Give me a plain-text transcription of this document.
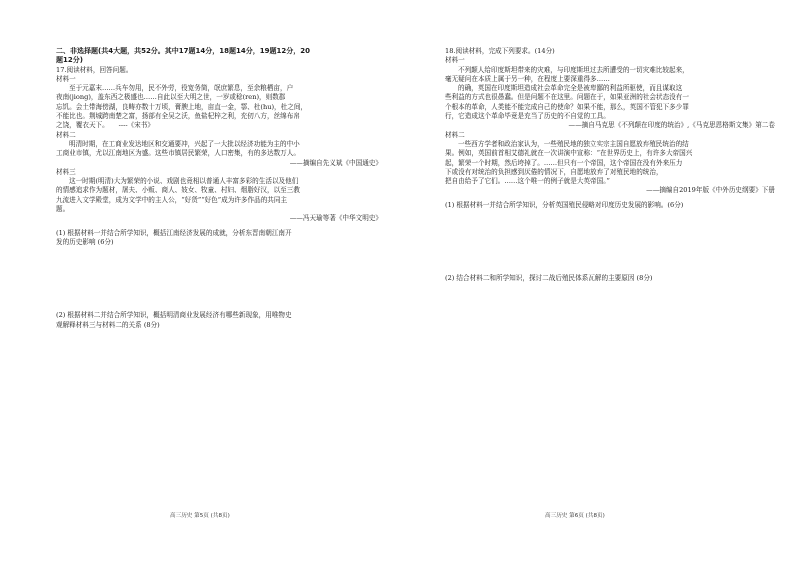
二、非选择题(共4大题，共52分。其中17题14分，18题14分，19题12分，20
题12分)
17.阅读材料，回答问题。
材料一
至于元嘉末……兵车勿用，民不外劳，役宽务简，氓庶繁息，至余粮栖亩，户
夜南(jiong)，盖东西之极盛也……自此以至大明之世，一岁或稔(ren)，则数郡
忘饥。会土带海傍湖，良畴亦数十万顷，膏腴上地，亩直一金，鄠、杜(hu)，杜之间，
不能比也。荆城跨南楚之富，扬部有全吴之沃，鱼盐杞梓之利，充仞八方，丝绵布帛
之饶，覆衣天下。　　----《宋书》
材料二
明清时期，在工商业发达地区和交通要冲，兴起了一大批以经济功能为主的中小
工商业市镇，尤以江南地区为盛。这些市镇居民繁荣，人口密集，有的多达数万人。
——摘编自先义斌《中国通史》
材料三
这一时期(明清)大为繁荣的小说、戏剧也竟相以普通人丰富多彩的生活以及他们
的情感追求作为题材，屠夫、小贩、商人、妓女、牧童、村妇、烟脂好汉，以至三教
九流进入文学殿堂，成为文学中的主人公，“好货”“好色”成为许多作品的共同主
题。
——冯天瑜等著《中华文明史》
(1) 根据材料一并结合所学知识，概括江南经济发展的成就，分析东晋南朝江南开
发的历史影响 (6分)
(2) 根据材料二并结合所学知识，概括明清商业发展经济有哪些新现象，用唯物史
观解释材料三与材料二的关系 (8分)
高三历史 第5页 (共8页)
18.阅读材料，完成下列要求。(14分)
材料一
不列颠人给印度斯坦带来的灾难，与印度斯坦过去所遭受的一切灾难比较起来，
毫无疑问在本质上属于另一种，在程度上要深重得多……
的确，英国在印度斯坦造成社会革命完全是被卑鄙的利益所驱使，而且谋取这
些利益的方式也很愚蠢。但是问题不在这里。问题在于，如果亚洲的社会状态没有一
个根本的革命，人类能不能完成自己的使命？如果不能，那么，英国不管犯下多少罪
行，它造成这个革命毕竟是充当了历史的不自觉的工具。
——摘自马克思《不列颠在印度的统治》,《马克思恩格斯文集》第二卷
材料二
一些西方学者和政治家认为，一些殖民地的独立实宗主国自愿放弃殖民统治的结
果。例如，英国前首相艾德礼就在一次讲演中宣称：“在世界历史上，有许多大帝国兴
起，繁荣一个时期，然后垮掉了。……但只有一个帝国，这个帝国在没有外来压力
下或没有对统治的负担感到厌倦的情况下，自愿地放弃了对殖民地的统治，
把自由给予了它们。……这个唯一的例子就是大英帝国。”
——摘编自2019年版《中外历史纲要》下册
(1) 根据材料一并结合所学知识，分析英国殖民侵略对印度历史发展的影响。(6分)
(2) 结合材料二和所学知识，探讨二战后殖民体系瓦解的主要原因 (8分)
高三历史 第6页 (共8页)
